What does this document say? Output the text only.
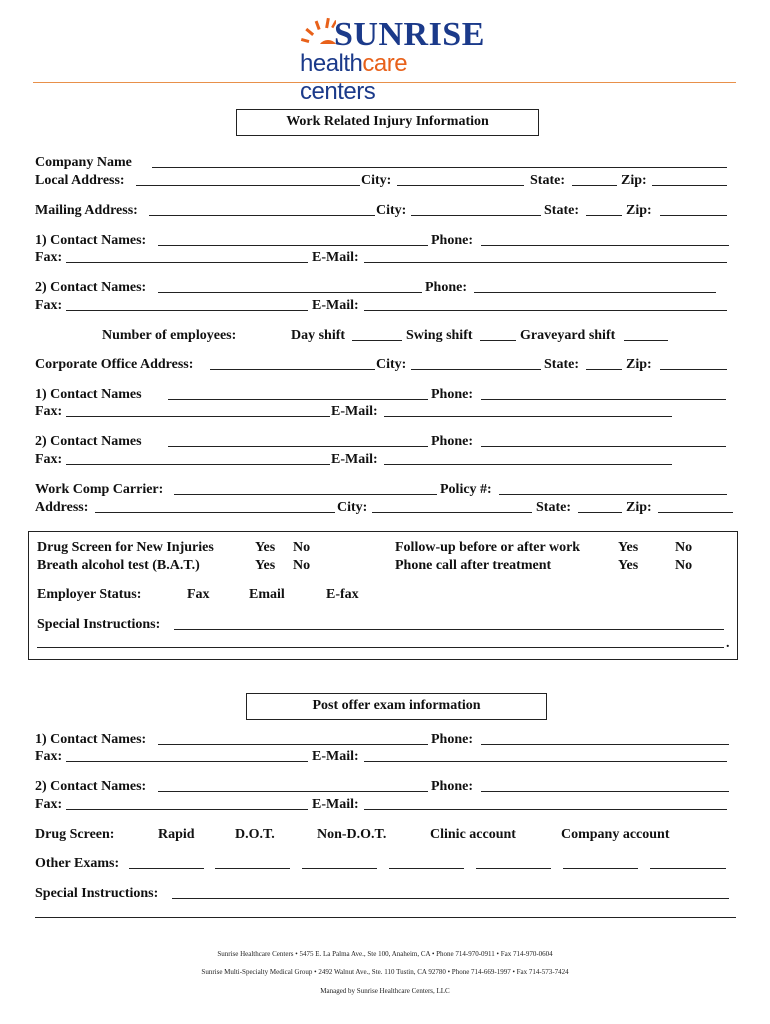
SUNRISE
healthcare centers
Work Related Injury Information
Company Name
Local Address:	City:	State:	Zip:
Mailing Address:	City:	State:	Zip:
1) Contact Names:	Phone:
Fax:	E-Mail:
2) Contact Names:	Phone:
Fax:	E-Mail:
Number of employees:	Day shift	Swing shift	Graveyard shift
Corporate Office Address:	City:	State:	Zip:
1) Contact Names	Phone:
Fax:	E-Mail:
2) Contact Names	Phone:
Fax:	E-Mail:
Work Comp Carrier:	Policy #:
Address:	City:	State:	Zip:
Drug Screen for New Injuries	Yes No	Follow-up before or after work	Yes	No
Breath alcohol test (B.A.T.)	Yes No	Phone call after treatment	Yes	No
Employer Status:	Fax	Email	E-fax
Special Instructions:
.
Post offer exam information
1) Contact Names:	Phone:
Fax:	E-Mail:
2) Contact Names:	Phone:
Fax:	E-Mail:
Drug Screen:	Rapid	D.O.T.	Non-D.O.T.	Clinic account	Company account
Other Exams:
Special Instructions:
Sunrise Healthcare Centers • 5475 E. La Palma Ave., Ste 100, Anaheim, CA • Phone 714-970-0911 • Fax 714-970-0604
Sunrise Multi-Specialty Medical Group • 2492 Walnut Ave., Ste. 110 Tustin, CA 92780 • Phone 714-669-1997 • Fax 714-573-7424
Managed by Sunrise Healthcare Centers, LLC
